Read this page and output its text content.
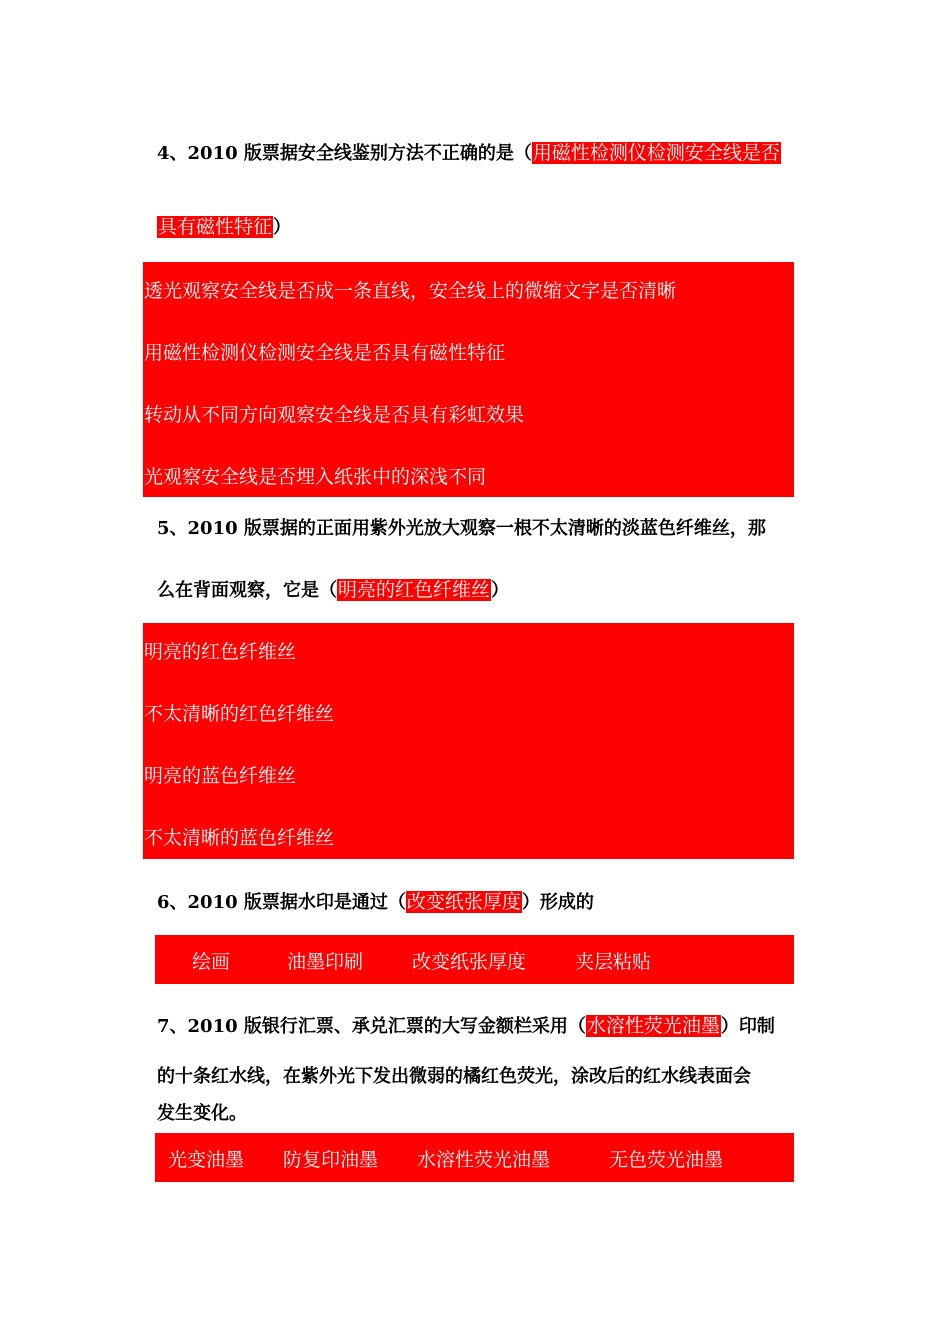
4、2010 版票据安全线鉴别方法不正确的是（用磁性检测仪检测安全线是否
具有磁性特征）
透光观察安全线是否成一条直线，安全线上的微缩文字是否清晰
用磁性检测仪检测安全线是否具有磁性特征
转动从不同方向观察安全线是否具有彩虹效果
光观察安全线是否埋入纸张中的深浅不同
5、2010 版票据的正面用紫外光放大观察一根不太清晰的淡蓝色纤维丝，那
么在背面观察，它是（明亮的红色纤维丝）
明亮的红色纤维丝
不太清晰的红色纤维丝
明亮的蓝色纤维丝
不太清晰的蓝色纤维丝
6、2010 版票据水印是通过（改变纸张厚度）形成的
绘画	油墨印刷	改变纸张厚度	夹层粘贴
7、2010 版银行汇票、承兑汇票的大写金额栏采用（水溶性荧光油墨）印制
的十条红水线，在紫外光下发出微弱的橘红色荧光，涂改后的红水线表面会
发生变化。
光变油墨 防复印油墨 水溶性荧光油墨	无色荧光油墨
